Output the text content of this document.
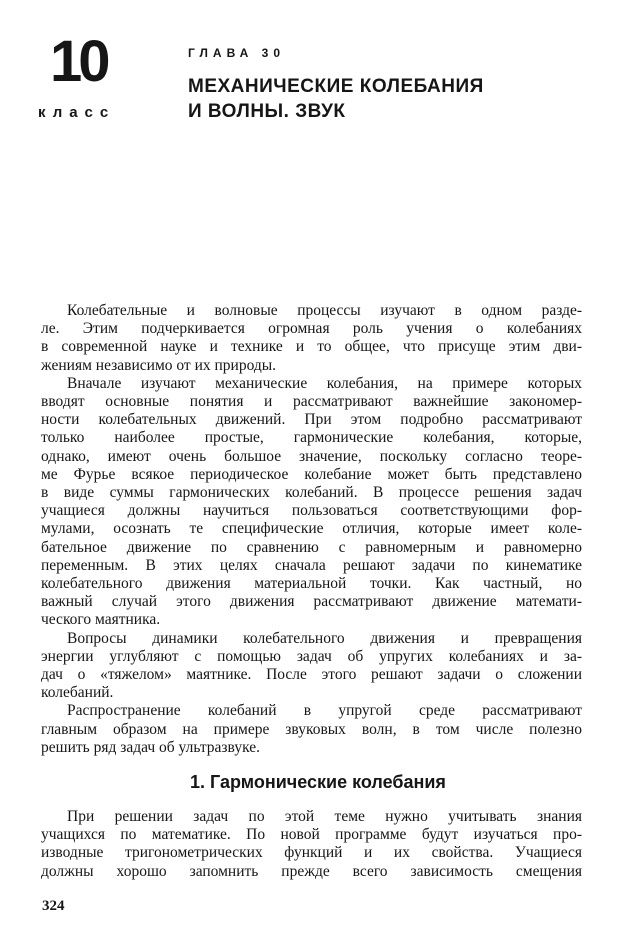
10
класс
ГЛАВА 30
МЕХАНИЧЕСКИЕ КОЛЕБАНИЯ
И ВОЛНЫ. ЗВУК
Колебательные и волновые процессы изучают в одном разде-
ле. Этим подчеркивается огромная роль учения о колебаниях
в современной науке и технике и то общее, что присуще этим дви-
жениям независимо от их природы.
Вначале изучают механические колебания, на примере которых
вводят основные понятия и рассматривают важнейшие закономер-
ности колебательных движений. При этом подробно рассматривают
только наиболее простые, гармонические колебания, которые,
однако, имеют очень большое значение, поскольку согласно теоре-
ме Фурье всякое периодическое колебание может быть представлено
в виде суммы гармонических колебаний. В процессе решения задач
учащиеся должны научиться пользоваться соответствующими фор-
мулами, осознать те специфические отличия, которые имеет коле-
бательное движение по сравнению с равномерным и равномерно
переменным. В этих целях сначала решают задачи по кинематике
колебательного движения материальной точки. Как частный, но
важный случай этого движения рассматривают движение математи-
ческого маятника.
Вопросы динамики колебательного движения и превращения
энергии углубляют с помощью задач об упругих колебаниях и за-
дач о «тяжелом» маятнике. После этого решают задачи о сложении
колебаний.
Распространение колебаний в упругой среде рассматривают
главным образом на примере звуковых волн, в том числе полезно
решить ряд задач об ультразвуке.
1. Гармонические колебания
При решении задач по этой теме нужно учитывать знания
учащихся по математике. По новой программе будут изучаться про-
изводные тригонометрических функций и их свойства. Учащиеся
должны хорошо запомнить прежде всего зависимость смещения
324
